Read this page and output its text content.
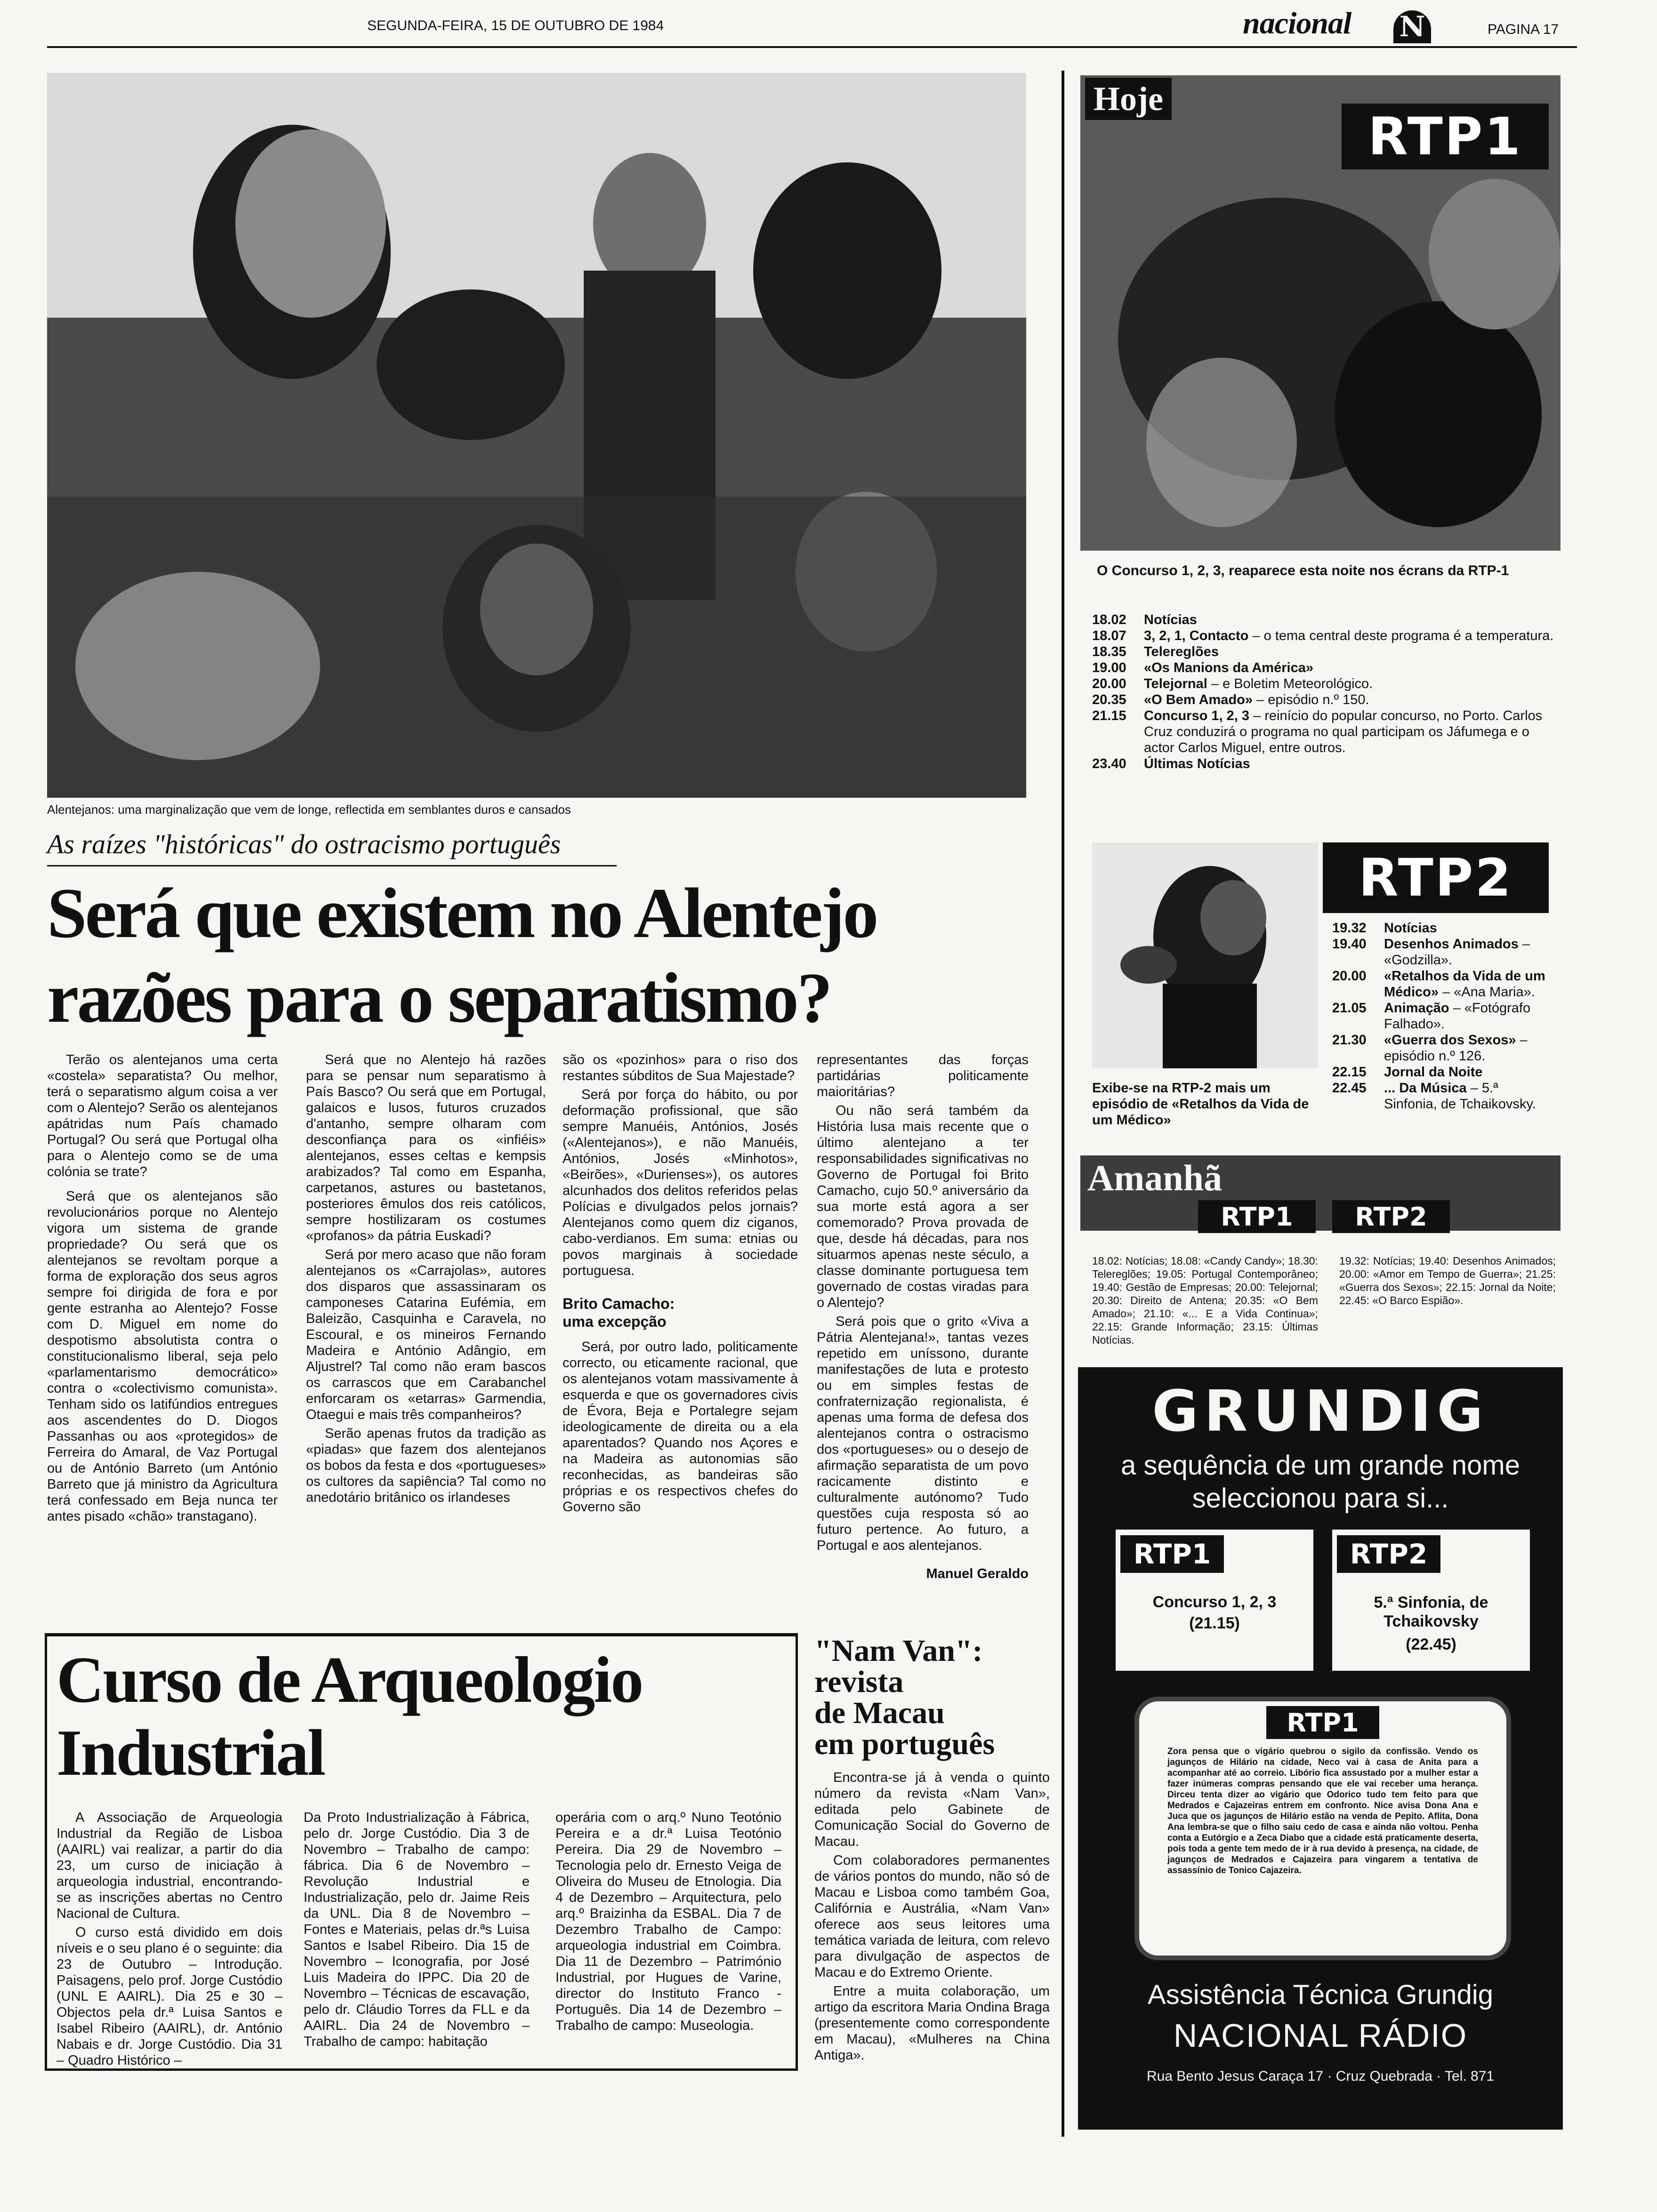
SEGUNDA-FEIRA, 15 DE OUTUBRO DE 1984	nacional N	PAGINA 17
Alentejanos: uma marginalização que vem de longe, reflectida em semblantes duros e cansados
As raízes "históricas" do ostracismo português
Será que existem no Alentejo
razões para o separatismo?

Terão os alentejanos uma certa «costela» separatista? Ou melhor, terá o separatismo algum coisa a ver com o Alentejo? Serão os alentejanos apátridas num País chamado Portugal? Ou será que Portugal olha para o Alentejo como se de uma colónia se trate?

Será que os alentejanos são revolucionários porque no Alentejo vigora um sistema de grande propriedade? Ou será que os alentejanos se revoltam porque a forma de exploração dos seus agros sempre foi dirigida de fora e por gente estranha ao Alentejo? Fosse com D. Miguel em nome do despotismo absolutista contra o constitucionalismo liberal, seja pelo «parlamentarismo democrático» contra o «colectivismo comunista». Tenham sido os latifúndios entregues aos ascendentes do D. Diogos Passanhas ou aos «protegidos» de Ferreira do Amaral, de Vaz Portugal ou de António Barreto (um António Barreto que já ministro da Agricultura terá confessado em Beja nunca ter antes pisado «chão» transtagano).

Será que no Alentejo há razões para se pensar num separatismo à País Basco? Ou será que em Portugal, galaicos e lusos, futuros cruzados d'antanho, sempre olharam com desconfiança para os «infiéis» alentejanos, esses celtas e kempsis arabizados? Tal como em Espanha, carpetanos, astures ou bastetanos, posteriores êmulos dos reis católicos, sempre hostilizaram os costumes «profanos» da pátria Euskadi?

Será por mero acaso que não foram alentejanos os «Carrajolas», autores dos disparos que assassinaram os camponeses Catarina Eufémia, em Baleizão, Casquinha e Caravela, no Escoural, e os mineiros Fernando Madeira e António Adângio, em Aljustrel? Tal como não eram bascos os carrascos que em Carabanchel enforcaram os «etarras» Garmendia, Otaegui e mais três companheiros?

Serão apenas frutos da tradição as «piadas» que fazem dos alentejanos os bobos da festa e dos «portugueses» os cultores da sapiência? Tal como no anedotário britânico os irlandeses

são os «pozinhos» para o riso dos restantes súbditos de Sua Majestade?

Será por força do hábito, ou por deformação profissional, que são sempre Manuéis, Antónios, Josés («Alentejanos»), e não Manuéis, Antónios, Josés «Minhotos», «Beirões», «Durienses»), os autores alcunhados dos delitos referidos pelas Polícias e divulgados pelos jornais? Alentejanos como quem diz ciganos, cabo-verdianos. Em suma: etnias ou povos marginais à sociedade portuguesa.

Brito Camacho:
uma excepção

Será, por outro lado, politicamente correcto, ou eticamente racional, que os alentejanos votam massivamente à esquerda e que os governadores civis de Évora, Beja e Portalegre sejam ideologicamente de direita ou a ela aparentados? Quando nos Açores e na Madeira as autonomias são reconhecidas, as bandeiras são próprias e os respectivos chefes do Governo são

representantes das forças partidárias politicamente maioritárias?

Ou não será também da História lusa mais recente que o último alentejano a ter responsabilidades significativas no Governo de Portugal foi Brito Camacho, cujo 50.º aniversário da sua morte está agora a ser comemorado? Prova provada de que, desde há décadas, para nos situarmos apenas neste século, a classe dominante portuguesa tem governado de costas viradas para o Alentejo?

Será pois que o grito «Viva a Pátria Alentejana!», tantas vezes repetido em uníssono, durante manifestações de luta e protesto ou em simples festas de confraternização regionalista, é apenas uma forma de defesa dos alentejanos contra o ostracismo dos «portugueses» ou o desejo de afirmação separatista de um povo racicamente distinto e culturalmente autónomo? Tudo questões cuja resposta só ao futuro pertence. Ao futuro, a Portugal e aos alentejanos.

Manuel Geraldo
Hoje
RTP1
O Concurso 1, 2, 3, reaparece esta noite nos écrans da RTP-1
18.02	Notícias
18.07	3, 2, 1, Contacto – o tema central deste programa é a temperatura.
18.35	Telereglões
19.00	«Os Manions da América»
20.00	Telejornal – e Boletim Meteorológico.
20.35	«O Bem Amado» – episódio n.º 150.
21.15	Concurso 1, 2, 3 – reinício do popular concurso, no Porto. Carlos Cruz conduzirá o programa no qual participam os Jáfumega e o actor Carlos Miguel, entre outros.
23.40	Últimas Notícias
Exibe-se na RTP-2 mais um episódio de «Retalhos da Vida de um Médico»
RTP2
19.32	Notícias
19.40	Desenhos Animados – «Godzilla».
20.00	«Retalhos da Vida de um Médico» – «Ana Maria».
21.05	Animação – «Fotógrafo Falhado».
21.30	«Guerra dos Sexos» – episódio n.º 126.
22.15	Jornal da Noite
22.45	... Da Música – 5.ª Sinfonia, de Tchaikovsky.
Amanhã
RTP1	RTP2
18.02: Notícias; 18.08: «Candy Candy»; 18.30: Telereglões; 19.05: Portugal Contemporâneo; 19.40: Gestão de Empresas; 20.00: Telejornal; 20.30: Direito de Antena; 20.35: «O Bem Amado»; 21.10: «... E a Vida Continua»; 22.15: Grande Informação; 23.15: Últimas Notícias.
19.32: Notícias; 19.40: Desenhos Animados; 20.00: «Amor em Tempo de Guerra»; 21.25: «Guerra dos Sexos»; 22.15: Jornal da Noite; 22.45: «O Barco Espião».
GRUNDIG
a sequência de um grande nome
seleccionou para si...
RTP1
Concurso 1, 2, 3
(21.15)
RTP2
5.ª Sinfonia, de Tchaikovsky
(22.45)
RTP1
Zora pensa que o vigário quebrou o sigilo da confissão. Vendo os jagunços de Hilário na cidade, Neco vai à casa de Anita para a acompanhar até ao correio. Libório fica assustado por a mulher estar a fazer inúmeras compras pensando que ele vai receber uma herança. Dirceu tenta dizer ao vigário que Odorico tudo tem feito para que Medrados e Cajazeiras entrem em confronto. Nice avisa Dona Ana e Juca que os jagunços de Hilário estão na venda de Pepito. Aflita, Dona Ana lembra-se que o filho saiu cedo de casa e ainda não voltou. Penha conta a Eutórgio e a Zeca Diabo que a cidade está praticamente deserta, pois toda a gente tem medo de ir à rua devido à presença, na cidade, de jagunços de Medrados e Cajazeira para vingarem a tentativa de assassínio de Tonico Cajazeira.
Assistência Técnica Grundig
NACIONAL RÁDIO
Rua Bento Jesus Caraça 17 · Cruz Quebrada · Tel. 871
Curso de Arqueologio
Industrial

A Associação de Arqueologia Industrial da Região de Lisboa (AAIRL) vai realizar, a partir do dia 23, um curso de iniciação à arqueologia industrial, encontrando-se as inscrições abertas no Centro Nacional de Cultura.

O curso está dividido em dois níveis e o seu plano é o seguinte: dia 23 de Outubro – Introdução. Paisagens, pelo prof. Jorge Custódio (UNL E AAIRL). Dia 25 e 30 – Objectos pela dr.ª Luisa Santos e Isabel Ribeiro (AAIRL), dr. António Nabais e dr. Jorge Custódio. Dia 31 – Quadro Histórico –

Da Proto Industrialização à Fábrica, pelo dr. Jorge Custódio. Dia 3 de Novembro – Trabalho de campo: fábrica. Dia 6 de Novembro – Revolução Industrial e Industrialização, pelo dr. Jaime Reis da UNL. Dia 8 de Novembro – Fontes e Materiais, pelas dr.ªs Luisa Santos e Isabel Ribeiro. Dia 15 de Novembro – Iconografia, por José Luis Madeira do IPPC. Dia 20 de Novembro – Técnicas de escavação, pelo dr. Cláudio Torres da FLL e da AAIRL. Dia 24 de Novembro – Trabalho de campo: habitação

operária com o arq.º Nuno Teotónio Pereira e a dr.ª Luisa Teotónio Pereira. Dia 29 de Novembro – Tecnologia pelo dr. Ernesto Veiga de Oliveira do Museu de Etnologia. Dia 4 de Dezembro – Arquitectura, pelo arq.º Braizinha da ESBAL. Dia 7 de Dezembro Trabalho de Campo: arqueologia industrial em Coimbra. Dia 11 de Dezembro – Património Industrial, por Hugues de Varine, director do Instituto Franco - Português. Dia 14 de Dezembro – Trabalho de campo: Museologia.

"Nam Van":
revista
de Macau
em português

Encontra-se já à venda o quinto número da revista «Nam Van», editada pelo Gabinete de Comunicação Social do Governo de Macau.

Com colaboradores permanentes de vários pontos do mundo, não só de Macau e Lisboa como também Goa, Califórnia e Austrália, «Nam Van» oferece aos seus leitores uma temática variada de leitura, com relevo para divulgação de aspectos de Macau e do Extremo Oriente.

Entre a muita colaboração, um artigo da escritora Maria Ondina Braga (presentemente como correspondente em Macau), «Mulheres na China Antiga».
